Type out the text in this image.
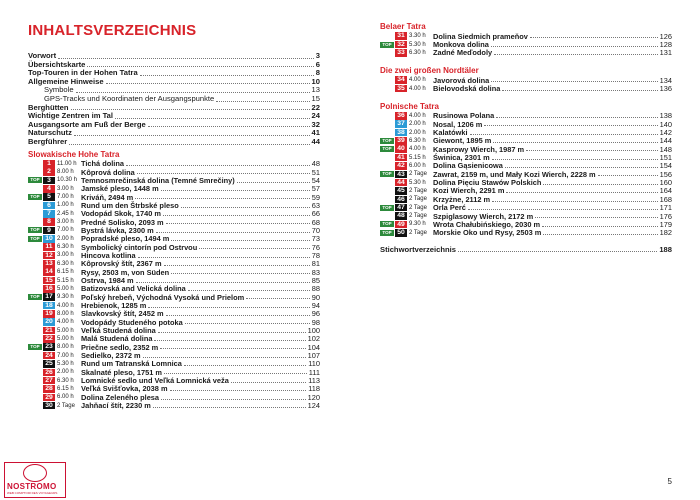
INHALTSVERZEICHNIS
Vorwort	3
Übersichtskarte	6
Top-Touren in der Hohen Tatra	8
Allgemeine Hinweise	10
Symbole	13
GPS-Tracks und Koordinaten der Ausgangspunkte	15
Berghütten	22
Wichtige Zentren im Tal	24
Ausgangsorte am Fuß der Berge	32
Naturschutz	41
Bergführer	44
Slowakische Hohe Tatra
1	11.00 h Tichá dolina	48
2	8.00 h Kôprová dolina	51
TOP	3	10.30 h Temnosmrečinská dolina (Temné Smrečiny)	54
4	3.00 h Jamské pleso, 1448 m	57
TOP	5	7.00 h Kriváň, 2494 m	59
6	1.00 h Rund um den Štrbské pleso	63
7	2.45 h Vodopád Skok, 1740 m	66
8	3.00 h Predné Solisko, 2093 m	68
TOP	9	7.00 h Bystrá lávka, 2300 m	70
TOP 10 2.00 h Popradské pleso, 1494 m	73
11 6.30 h Symbolický cintorín pod Ostrvou	76
12 3.00 h Hincova kotlina	78
13 6.30 h Kôprovský štít, 2367 m	81
14 6.15 h Rysy, 2503 m, von Süden	83
15 5.15 h Ostrva, 1984 m	85
16 5.00 h Batizovská and Velická dolina	88
TOP 17 9.30 h Poľský hrebeň, Východná Vysoká und Prielom	90
18 4.00 h Hrebienok, 1285 m	94
19 8.00 h Slavkovský štít, 2452 m	96
20 4.00 h Vodopády Studeného potoka	98
21 5.00 h Veľká Studená dolina	100
22 5.00 h Malá Studená dolina	102
TOP 23 8.00 h Priečne sedlo, 2352 m	104
24 7.00 h Sedielko, 2372 m	107
25 5.30 h Rund um Tatranská Lomnica	110
26 2.00 h Skalnaté pleso, 1751 m	111
27 6.30 h Lomnické sedlo und Veľká Lomnická veža	113
28 6.15 h Veľká Svišťovka, 2038 m	118
29 6.00 h Dolina Zeleného plesa	120
30 2 Tage Jahňací štít, 2230 m	124
Belaer Tatra
31 3.30 h Dolina Siedmich prameňov	126
TOP 32 5.30 h Monkova dolina	128
33 6.30 h Zadné Meďodoly	131
Die zwei großen Nordtäler
34 4.00 h Javorová dolina	134
35 4.00 h Bielovodská dolina	136
Polnische Tatra
36 4.00 h Rusinowa Polana	138
37 2.00 h Nosal, 1206 m	140
38 2.00 h Kalatówki	142
TOP 39 6.30 h Giewont, 1895 m	144
TOP 40 4.00 h Kasprowy Wierch, 1987 m	148
41 5.15 h Świnica, 2301 m	151
42 6.00 h Dolina Gąsienicowa	154
TOP 43 2 Tage Zawrat, 2159 m, und Mały Kozi Wierch, 2228 m	156
44 5.30 h Dolina Pięciu Stawów Polskich	160
45 2 Tage Kozi Wierch, 2291 m	164
46 2 Tage Krzyżne, 2112 m	168
TOP 47 2 Tage Orla Perć	171
48 2 Tage Szpiglasowy Wierch, 2172 m	176
TOP 49 9.30 h Wrota Chałubińskiego, 2030 m	179
TOP 50 2 Tage Morskie Oko und Rysy, 2503 m	182
Stichwortverzeichnis	188
5
NOSTROMO
WEB COMPTOIR DES VOYAGEURS
